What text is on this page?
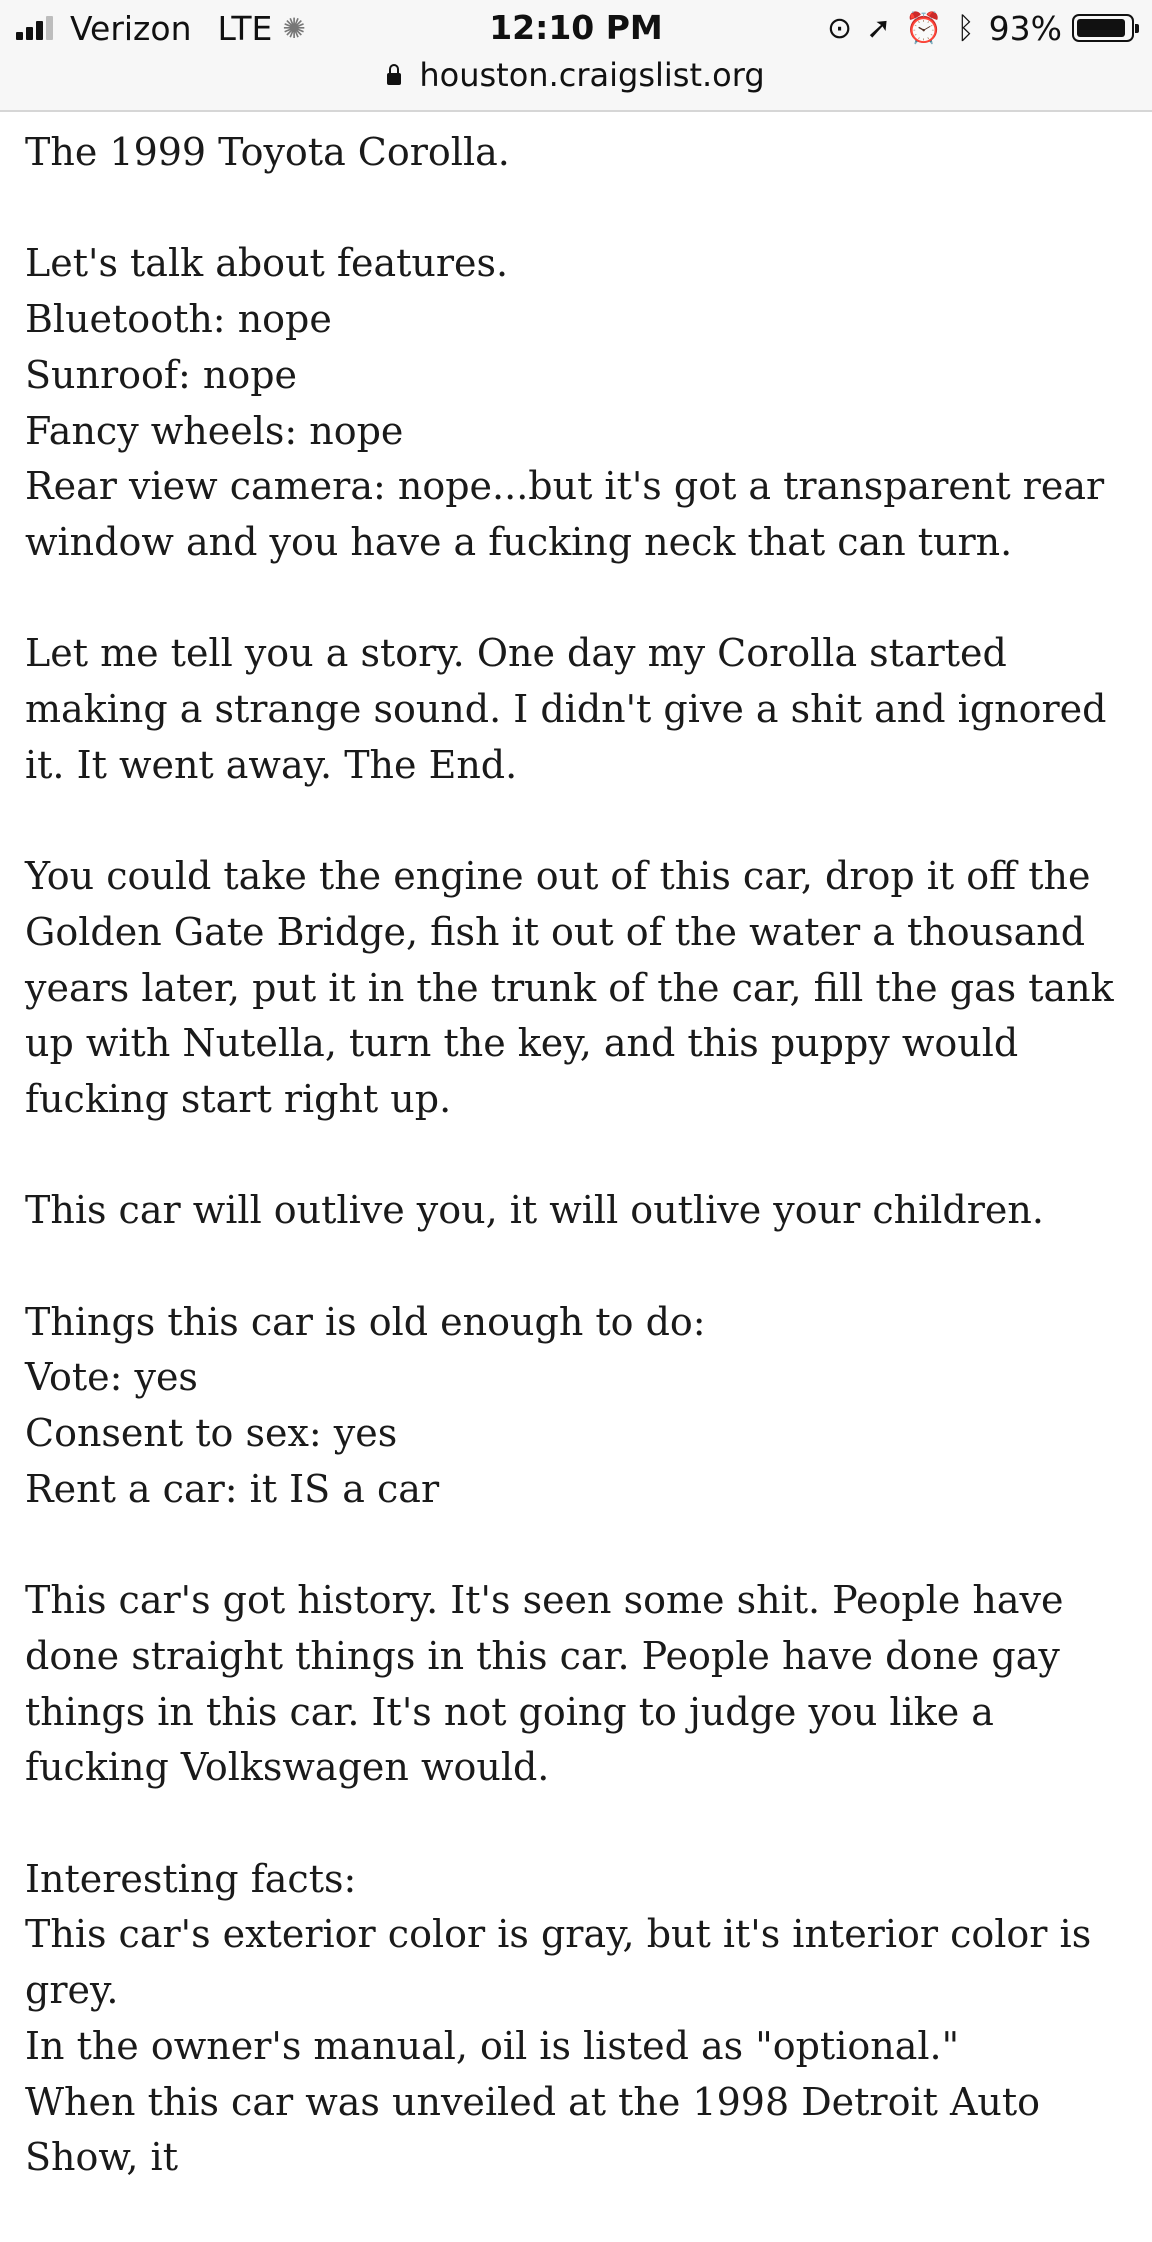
Verizon LTE ✺	12:10 PM	⊙ ➚ ⏰ ᛒ 93%
houston.craigslist.org

The 1999 Toyota Corolla.

Let's talk about features.
Bluetooth: nope
Sunroof: nope
Fancy wheels: nope
Rear view camera: nope...but it's got a transparent rear window and you have a fucking neck that can turn.

Let me tell you a story. One day my Corolla started making a strange sound. I didn't give a shit and ignored it. It went away. The End.

You could take the engine out of this car, drop it off the Golden Gate Bridge, fish it out of the water a thousand years later, put it in the trunk of the car, fill the gas tank up with Nutella, turn the key, and this puppy would fucking start right up.

This car will outlive you, it will outlive your children.

Things this car is old enough to do:
Vote: yes
Consent to sex: yes
Rent a car: it IS a car

This car's got history. It's seen some shit. People have done straight things in this car. People have done gay things in this car. It's not going to judge you like a fucking Volkswagen would.

Interesting facts:
This car's exterior color is gray, but it's interior color is grey.
In the owner's manual, oil is listed as "optional."
When this car was unveiled at the 1998 Detroit Auto Show, it
